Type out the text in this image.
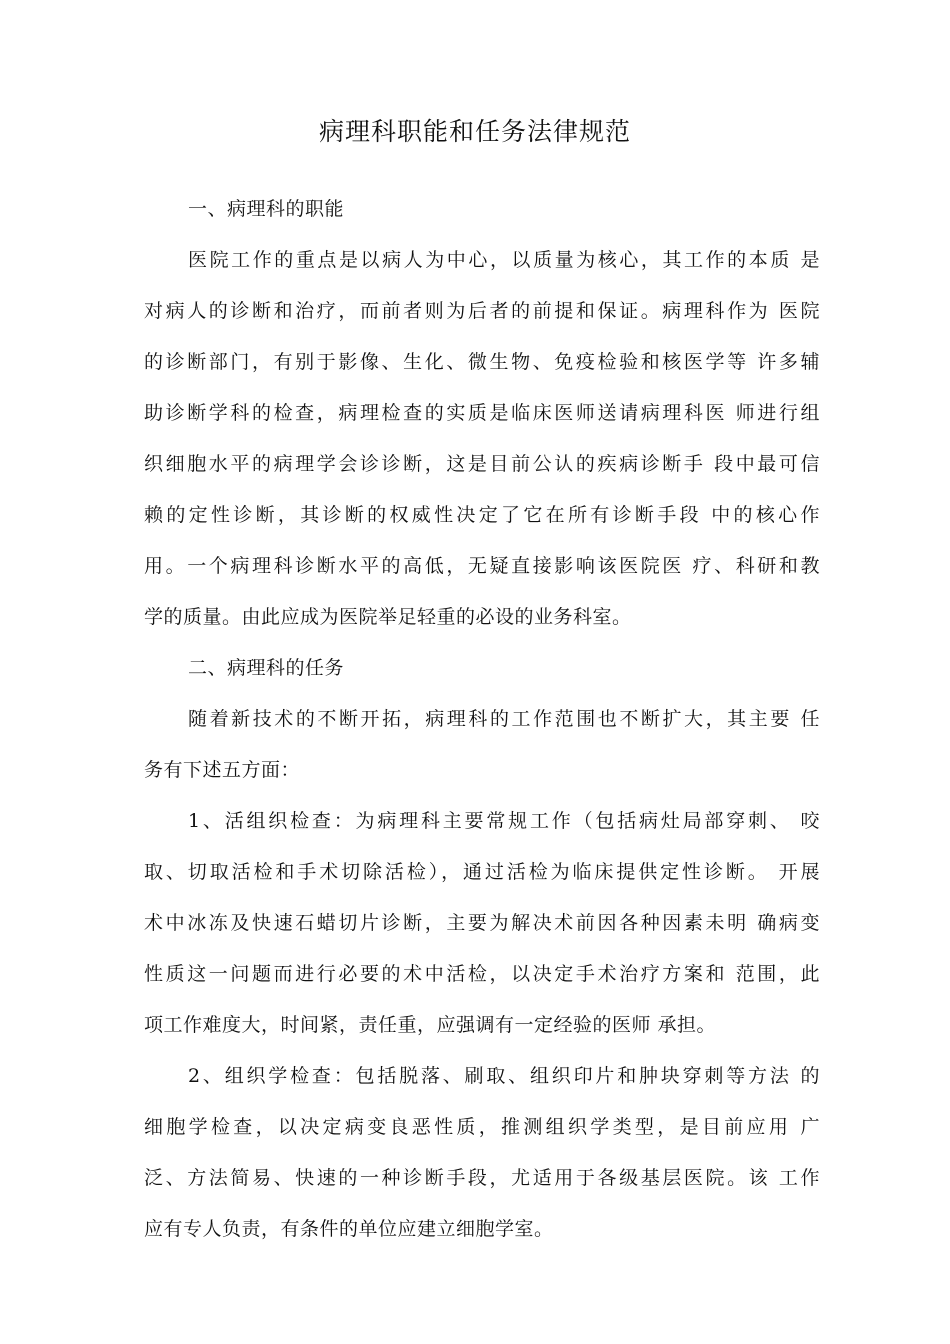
病理科职能和任务法律规范

一、病理科的职能

医院工作的重点是以病人为中心，以质量为核心，其工作的本质 是
对病人的诊断和治疗，而前者则为后者的前提和保证。病理科作为 医院
的诊断部门，有别于影像、生化、微生物、免疫检验和核医学等 许多辅
助诊断学科的检查，病理检查的实质是临床医师送请病理科医 师进行组
织细胞水平的病理学会诊诊断，这是目前公认的疾病诊断手 段中最可信
赖的定性诊断，其诊断的权威性决定了它在所有诊断手段 中的核心作
用。一个病理科诊断水平的高低，无疑直接影响该医院医 疗、科研和教
学的质量。由此应成为医院举足轻重的必设的业务科室。

二、病理科的任务

随着新技术的不断开拓，病理科的工作范围也不断扩大，其主要 任
务有下述五方面：
1、活组织检查：为病理科主要常规工作（包括病灶局部穿刺、 咬
取、切取活检和手术切除活检），通过活检为临床提供定性诊断。 开展
术中冰冻及快速石蜡切片诊断，主要为解决术前因各种因素未明 确病变
性质这一问题而进行必要的术中活检，以决定手术治疗方案和 范围，此
项工作难度大，时间紧，责任重，应强调有一定经验的医师 承担。
2、组织学检查：包括脱落、刷取、组织印片和肿块穿刺等方法 的
细胞学检查，以决定病变良恶性质，推测组织学类型，是目前应用 广
泛、方法简易、快速的一种诊断手段，尤适用于各级基层医院。该 工作
应有专人负责，有条件的单位应建立细胞学室。
